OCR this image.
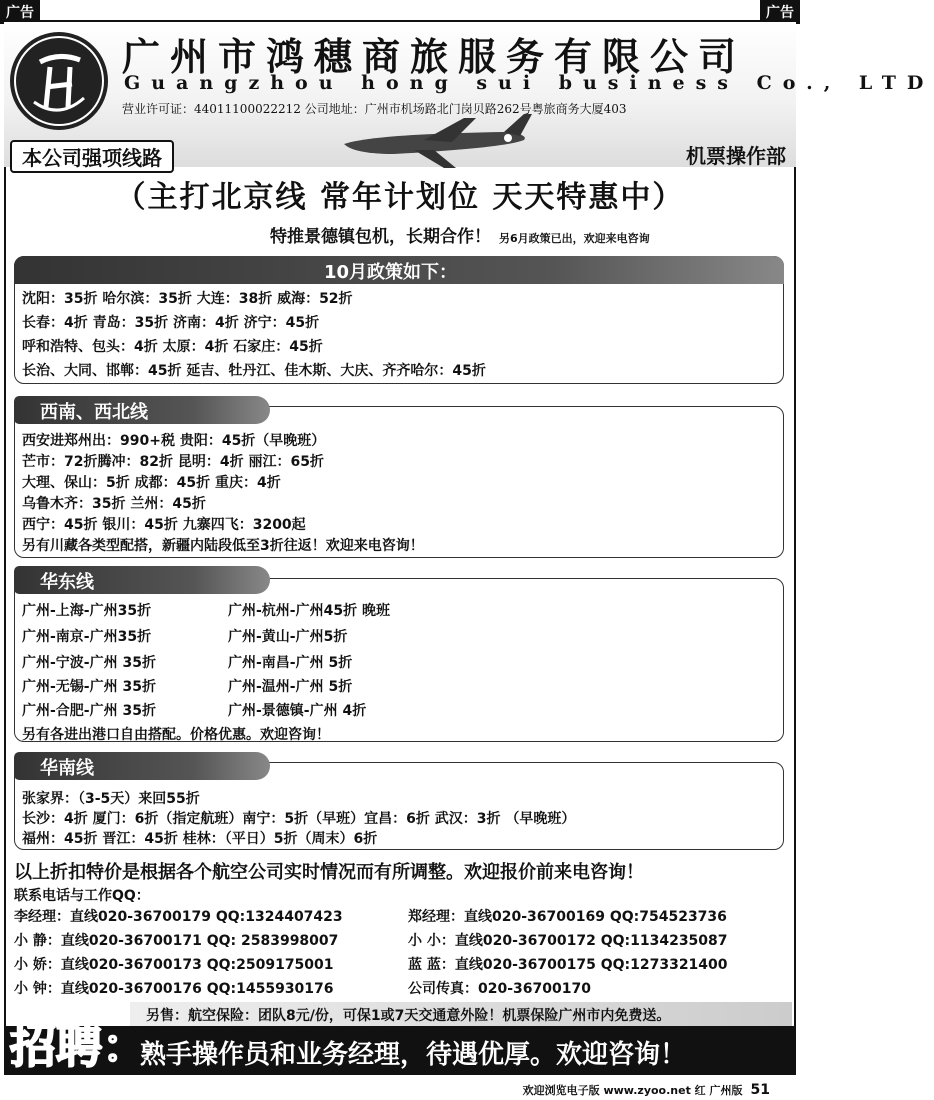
广告	广告
广州市鸿穗商旅服务有限公司
Guangzhou hong sui business Co., LTD
营业许可证：44011100022212 公司地址：广州市机场路北门岗贝路262号粤旅商务大厦403
本公司强项线路	机票操作部
（主打北京线 常年计划位 天天特惠中）
特推景德镇包机，长期合作！ 另6月政策已出，欢迎来电咨询
10月政策如下：
沈阳：35折 哈尔滨：35折 大连：38折 威海：52折
长春：4折 青岛：35折 济南：4折 济宁：45折
呼和浩特、包头：4折 太原：4折 石家庄：45折
长治、大同、邯郸：45折 延吉、牡丹江、佳木斯、大庆、齐齐哈尔：45折
西南、西北线
西安进郑州出：990+税 贵阳：45折（早晚班）
芒市：72折腾冲：82折 昆明：4折 丽江：65折
大理、保山：5折 成都：45折 重庆：4折
乌鲁木齐：35折 兰州：45折
西宁：45折 银川：45折 九寨四飞：3200起
另有川藏各类型配搭，新疆内陆段低至3折往返！欢迎来电咨询！
华东线
广州-上海-广州35折
广州-南京-广州35折
广州-宁波-广州 35折
广州-无锡-广州 35折
广州-合肥-广州 35折
广州-杭州-广州45折 晚班
广州-黄山-广州5折
广州-南昌-广州 5折
广州-温州-广州 5折
广州-景德镇-广州 4折
另有各进出港口自由搭配。价格优惠。欢迎咨询！
华南线
张家界：（3-5天）来回55折
长沙：4折 厦门：6折（指定航班）南宁：5折（早班）宜昌：6折 武汉：3折 （早晚班）
福州：45折 晋江：45折 桂林：（平日）5折（周末）6折
以上折扣特价是根据各个航空公司实时情况而有所调整。欢迎报价前来电咨询！
联系电话与工作QQ：
李经理：直线020-36700179 QQ:1324407423
小 静：直线020-36700171 QQ: 2583998007
小 娇：直线020-36700173 QQ:2509175001
小 钟：直线020-36700176 QQ:1455930176
郑经理：直线020-36700169 QQ:754523736
小 小：直线020-36700172 QQ:1134235087
蓝 蓝：直线020-36700175 QQ:1273321400
公司传真：020-36700170
另售：航空保险：团队8元/份，可保1或7天交通意外险！机票保险广州市内免费送。
招聘：
熟手操作员和业务经理，待遇优厚。欢迎咨询！
欢迎浏览电子版 www.zyoo.net 红 广州版 51
